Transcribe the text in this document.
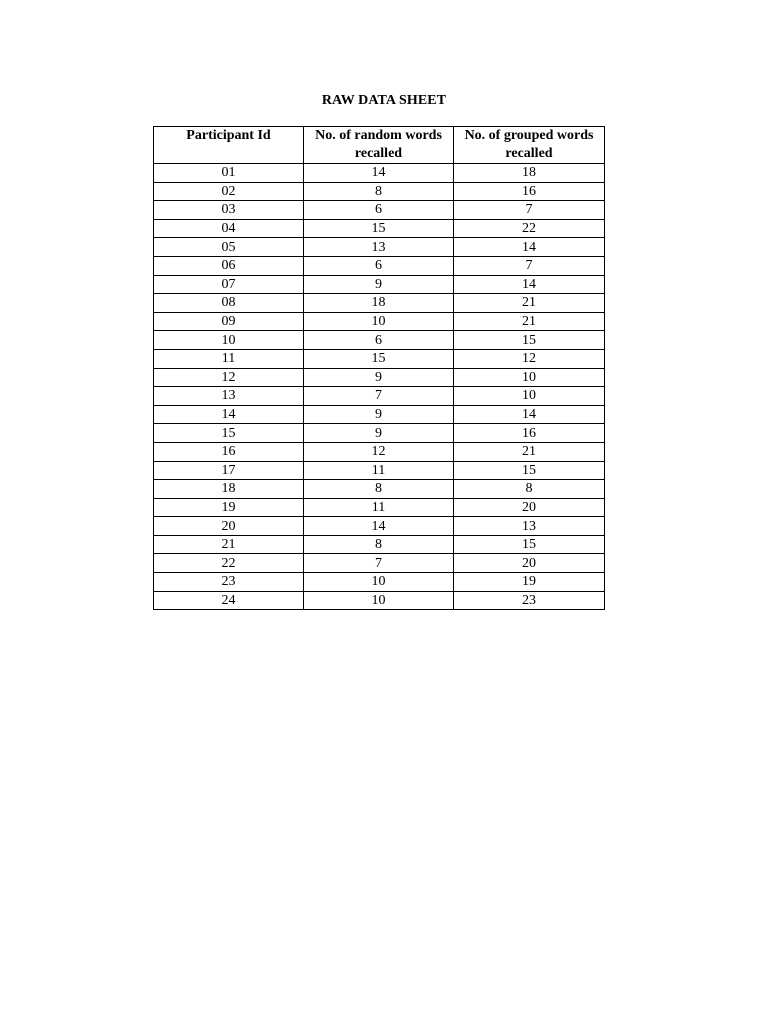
RAW DATA SHEET
Participant Id	No. of random words recalled	No. of grouped words recalled
01	14	18
02	8	16
03	6	7
04	15	22
05	13	14
06	6	7
07	9	14
08	18	21
09	10	21
10	6	15
11	15	12
12	9	10
13	7	10
14	9	14
15	9	16
16	12	21
17	11	15
18	8	8
19	11	20
20	14	13
21	8	15
22	7	20
23	10	19
24	10	23
